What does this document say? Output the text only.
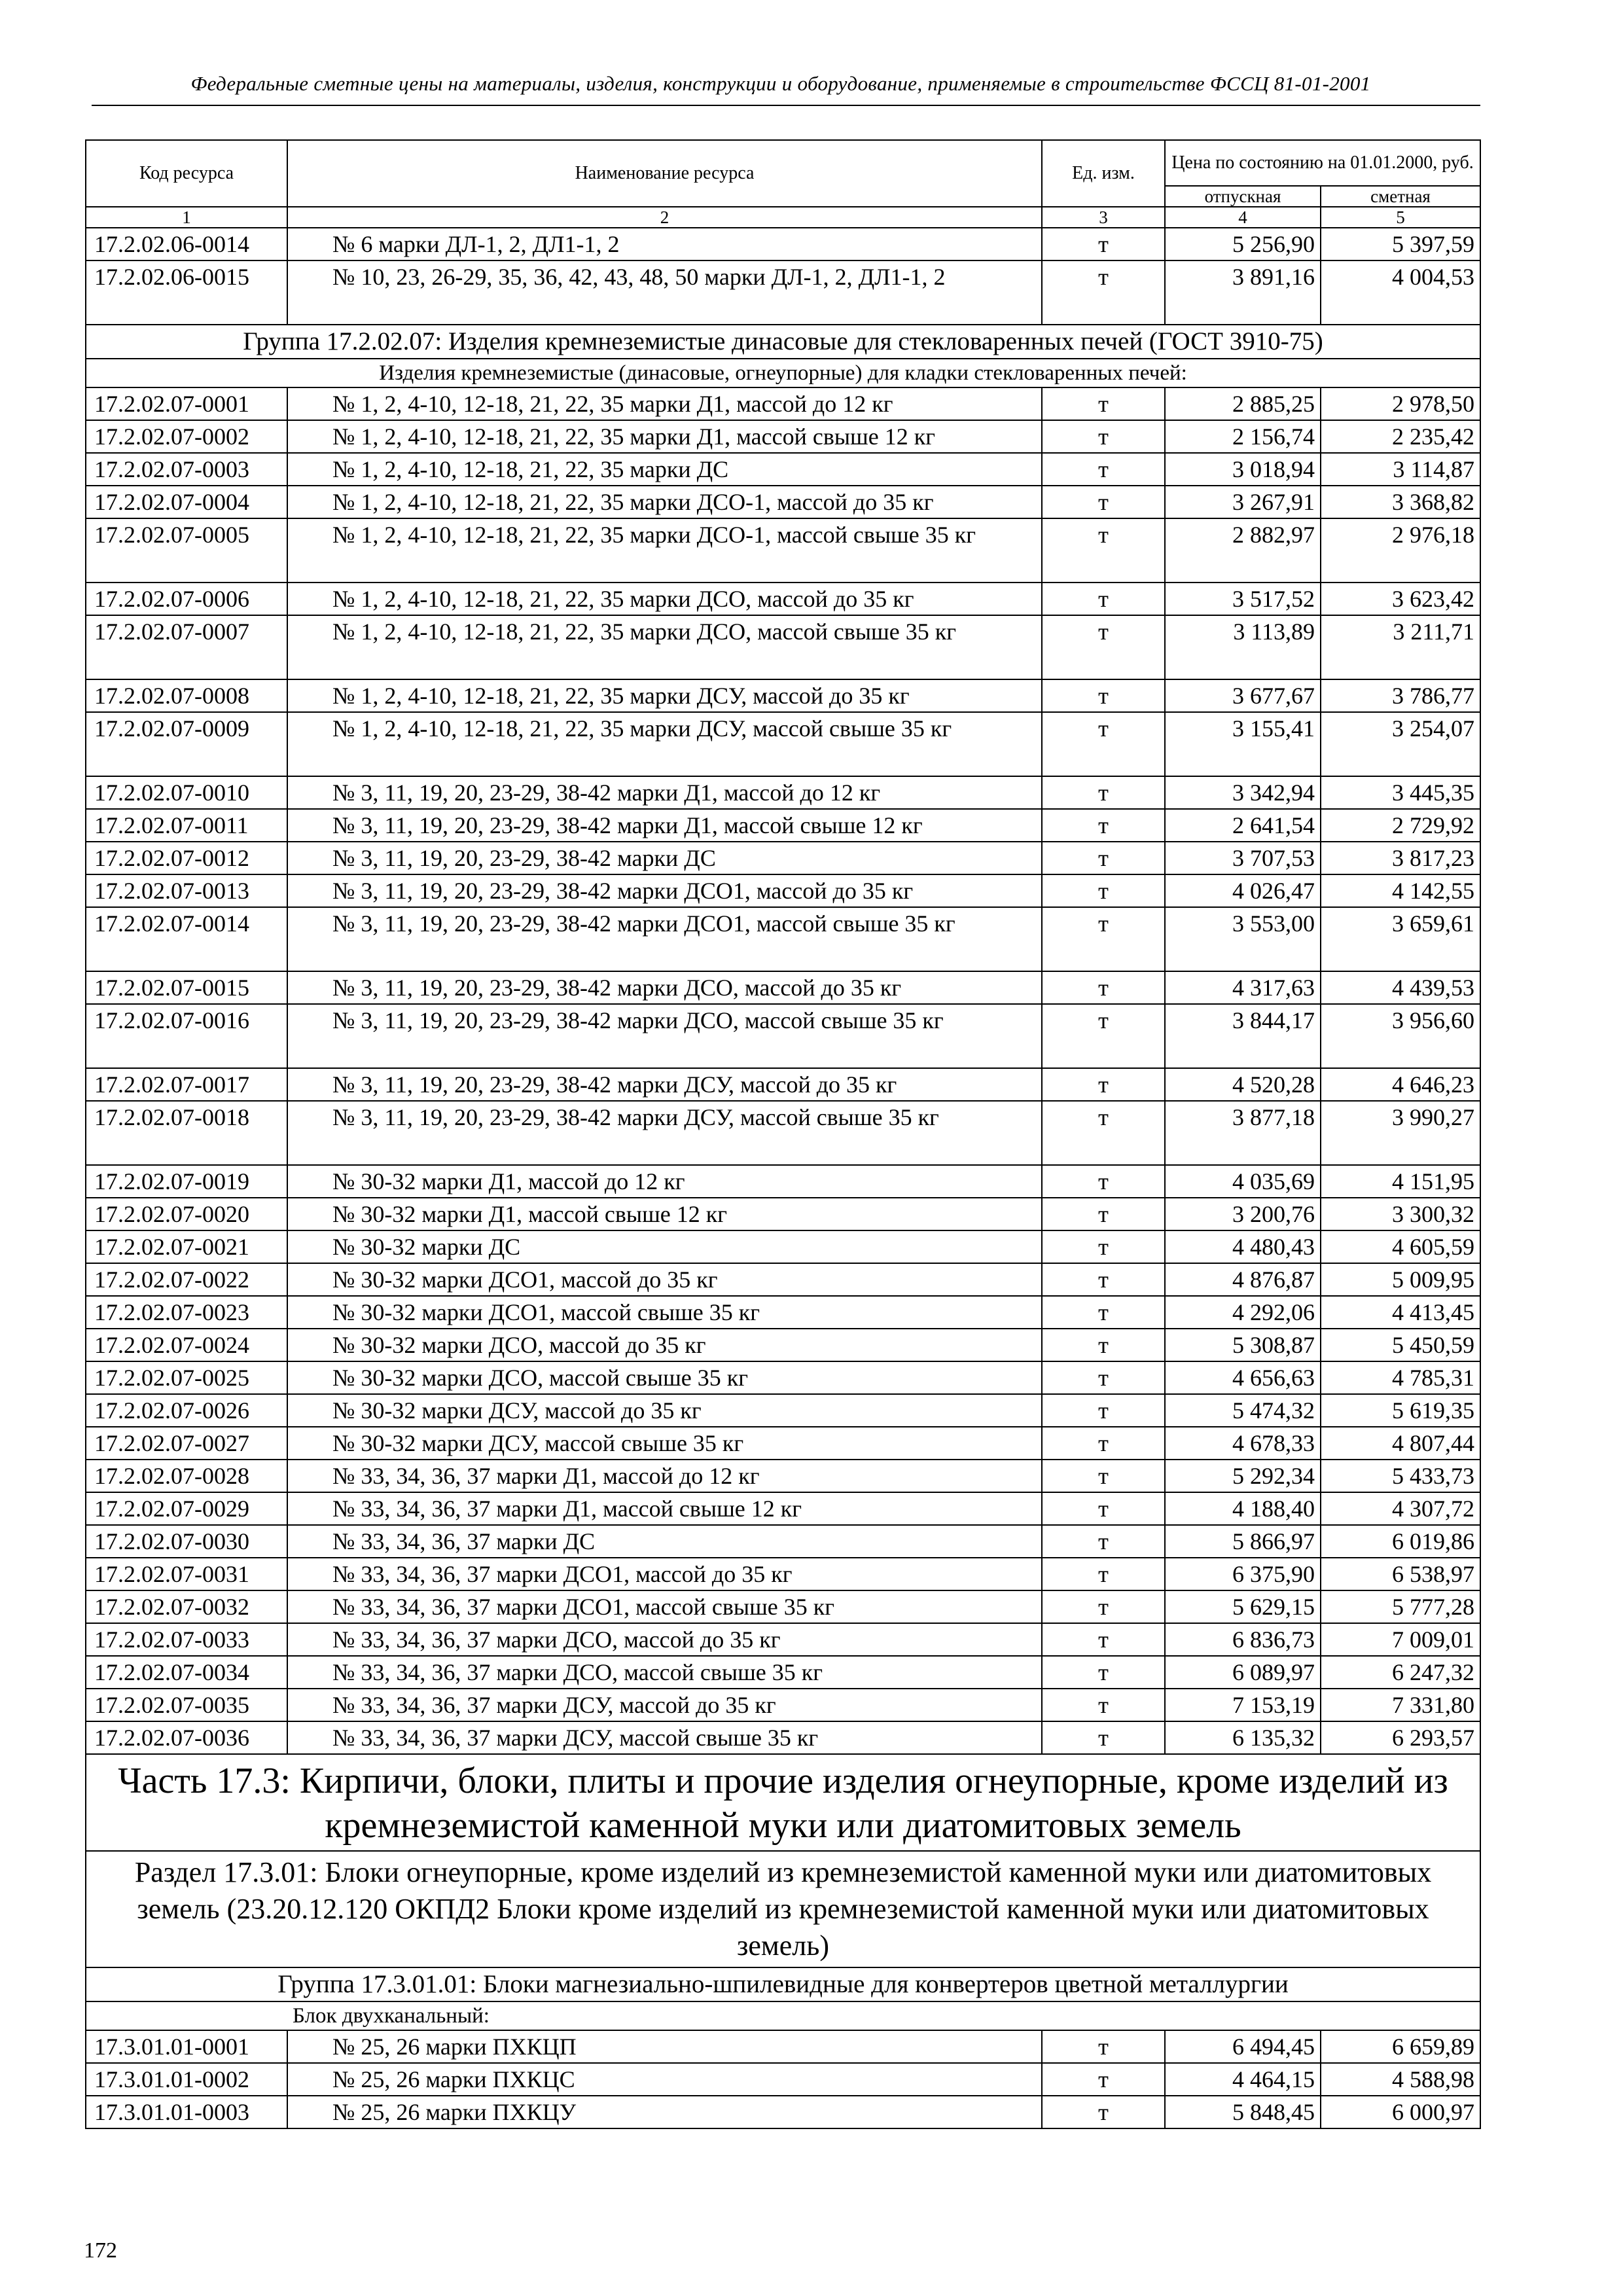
Федеральные сметные цены на материалы, изделия, конструкции и оборудование, применяемые в строительстве ФССЦ 81-01-2001
Код ресурса	Наименование ресурса	Ед. изм.	Цена по состоянию на 01.01.2000, руб.	
			отпускная	сметная
1	2	3	4	5
17.2.02.06-0014	№ 6 марки ДЛ-1, 2, ДЛ1-1, 2	т	5 256,90	5 397,59
17.2.02.06-0015	№ 10, 23, 26-29, 35, 36, 42, 43, 48, 50 марки ДЛ-1, 2, ДЛ1-1, 2	т	3 891,16	4 004,53
Группа 17.2.02.07: Изделия кремнеземистые динасовые для стекловаренных печей (ГОСТ 3910-75)				
Изделия кремнеземистые (динасовые, огнеупорные) для кладки стекловаренных печей:				
17.2.02.07-0001	№ 1, 2, 4-10, 12-18, 21, 22, 35 марки Д1, массой до 12 кг	т	2 885,25	2 978,50
17.2.02.07-0002	№ 1, 2, 4-10, 12-18, 21, 22, 35 марки Д1, массой свыше 12 кг	т	2 156,74	2 235,42
17.2.02.07-0003	№ 1, 2, 4-10, 12-18, 21, 22, 35 марки ДС	т	3 018,94	3 114,87
17.2.02.07-0004	№ 1, 2, 4-10, 12-18, 21, 22, 35 марки ДСО-1, массой до 35 кг	т	3 267,91	3 368,82
17.2.02.07-0005	№ 1, 2, 4-10, 12-18, 21, 22, 35 марки ДСО-1, массой свыше 35 кг	т	2 882,97	2 976,18
17.2.02.07-0006	№ 1, 2, 4-10, 12-18, 21, 22, 35 марки ДСО, массой до 35 кг	т	3 517,52	3 623,42
17.2.02.07-0007	№ 1, 2, 4-10, 12-18, 21, 22, 35 марки ДСО, массой свыше 35 кг	т	3 113,89	3 211,71
17.2.02.07-0008	№ 1, 2, 4-10, 12-18, 21, 22, 35 марки ДСУ, массой до 35 кг	т	3 677,67	3 786,77
17.2.02.07-0009	№ 1, 2, 4-10, 12-18, 21, 22, 35 марки ДСУ, массой свыше 35 кг	т	3 155,41	3 254,07
17.2.02.07-0010	№ 3, 11, 19, 20, 23-29, 38-42 марки Д1, массой до 12 кг	т	3 342,94	3 445,35
17.2.02.07-0011	№ 3, 11, 19, 20, 23-29, 38-42 марки Д1, массой свыше 12 кг	т	2 641,54	2 729,92
17.2.02.07-0012	№ 3, 11, 19, 20, 23-29, 38-42 марки ДС	т	3 707,53	3 817,23
17.2.02.07-0013	№ 3, 11, 19, 20, 23-29, 38-42 марки ДСО1, массой до 35 кг	т	4 026,47	4 142,55
17.2.02.07-0014	№ 3, 11, 19, 20, 23-29, 38-42 марки ДСО1, массой свыше 35 кг	т	3 553,00	3 659,61
17.2.02.07-0015	№ 3, 11, 19, 20, 23-29, 38-42 марки ДСО, массой до 35 кг	т	4 317,63	4 439,53
17.2.02.07-0016	№ 3, 11, 19, 20, 23-29, 38-42 марки ДСО, массой свыше 35 кг	т	3 844,17	3 956,60
17.2.02.07-0017	№ 3, 11, 19, 20, 23-29, 38-42 марки ДСУ, массой до 35 кг	т	4 520,28	4 646,23
17.2.02.07-0018	№ 3, 11, 19, 20, 23-29, 38-42 марки ДСУ, массой свыше 35 кг	т	3 877,18	3 990,27
17.2.02.07-0019	№ 30-32 марки Д1, массой до 12 кг	т	4 035,69	4 151,95
17.2.02.07-0020	№ 30-32 марки Д1, массой свыше 12 кг	т	3 200,76	3 300,32
17.2.02.07-0021	№ 30-32 марки ДС	т	4 480,43	4 605,59
17.2.02.07-0022	№ 30-32 марки ДСО1, массой до 35 кг	т	4 876,87	5 009,95
17.2.02.07-0023	№ 30-32 марки ДСО1, массой свыше 35 кг	т	4 292,06	4 413,45
17.2.02.07-0024	№ 30-32 марки ДСО, массой до 35 кг	т	5 308,87	5 450,59
17.2.02.07-0025	№ 30-32 марки ДСО, массой свыше 35 кг	т	4 656,63	4 785,31
17.2.02.07-0026	№ 30-32 марки ДСУ, массой до 35 кг	т	5 474,32	5 619,35
17.2.02.07-0027	№ 30-32 марки ДСУ, массой свыше 35 кг	т	4 678,33	4 807,44
17.2.02.07-0028	№ 33, 34, 36, 37 марки Д1, массой до 12 кг	т	5 292,34	5 433,73
17.2.02.07-0029	№ 33, 34, 36, 37 марки Д1, массой свыше 12 кг	т	4 188,40	4 307,72
17.2.02.07-0030	№ 33, 34, 36, 37 марки ДС	т	5 866,97	6 019,86
17.2.02.07-0031	№ 33, 34, 36, 37 марки ДСО1, массой до 35 кг	т	6 375,90	6 538,97
17.2.02.07-0032	№ 33, 34, 36, 37 марки ДСО1, массой свыше 35 кг	т	5 629,15	5 777,28
17.2.02.07-0033	№ 33, 34, 36, 37 марки ДСО, массой до 35 кг	т	6 836,73	7 009,01
17.2.02.07-0034	№ 33, 34, 36, 37 марки ДСО, массой свыше 35 кг	т	6 089,97	6 247,32
17.2.02.07-0035	№ 33, 34, 36, 37 марки ДСУ, массой до 35 кг	т	7 153,19	7 331,80
17.2.02.07-0036	№ 33, 34, 36, 37 марки ДСУ, массой свыше 35 кг	т	6 135,32	6 293,57
Часть 17.3: Кирпичи, блоки, плиты и прочие изделия огнеупорные, кроме изделий из кремнеземистой каменной муки или диатомитовых земель				
Раздел 17.3.01: Блоки огнеупорные, кроме изделий из кремнеземистой каменной муки или диатомитовых земель (23.20.12.120 ОКПД2 Блоки кроме изделий из кремнеземистой каменной муки или диатомитовых земель)				
Группа 17.3.01.01: Блоки магнезиально-шпилевидные для конвертеров цветной металлургии				
	Блок двухканальный:			
17.3.01.01-0001	№ 25, 26 марки ПХКЦП	т	6 494,45	6 659,89
17.3.01.01-0002	№ 25, 26 марки ПХКЦС	т	4 464,15	4 588,98
17.3.01.01-0003	№ 25, 26 марки ПХКЦУ	т	5 848,45	6 000,97
172
